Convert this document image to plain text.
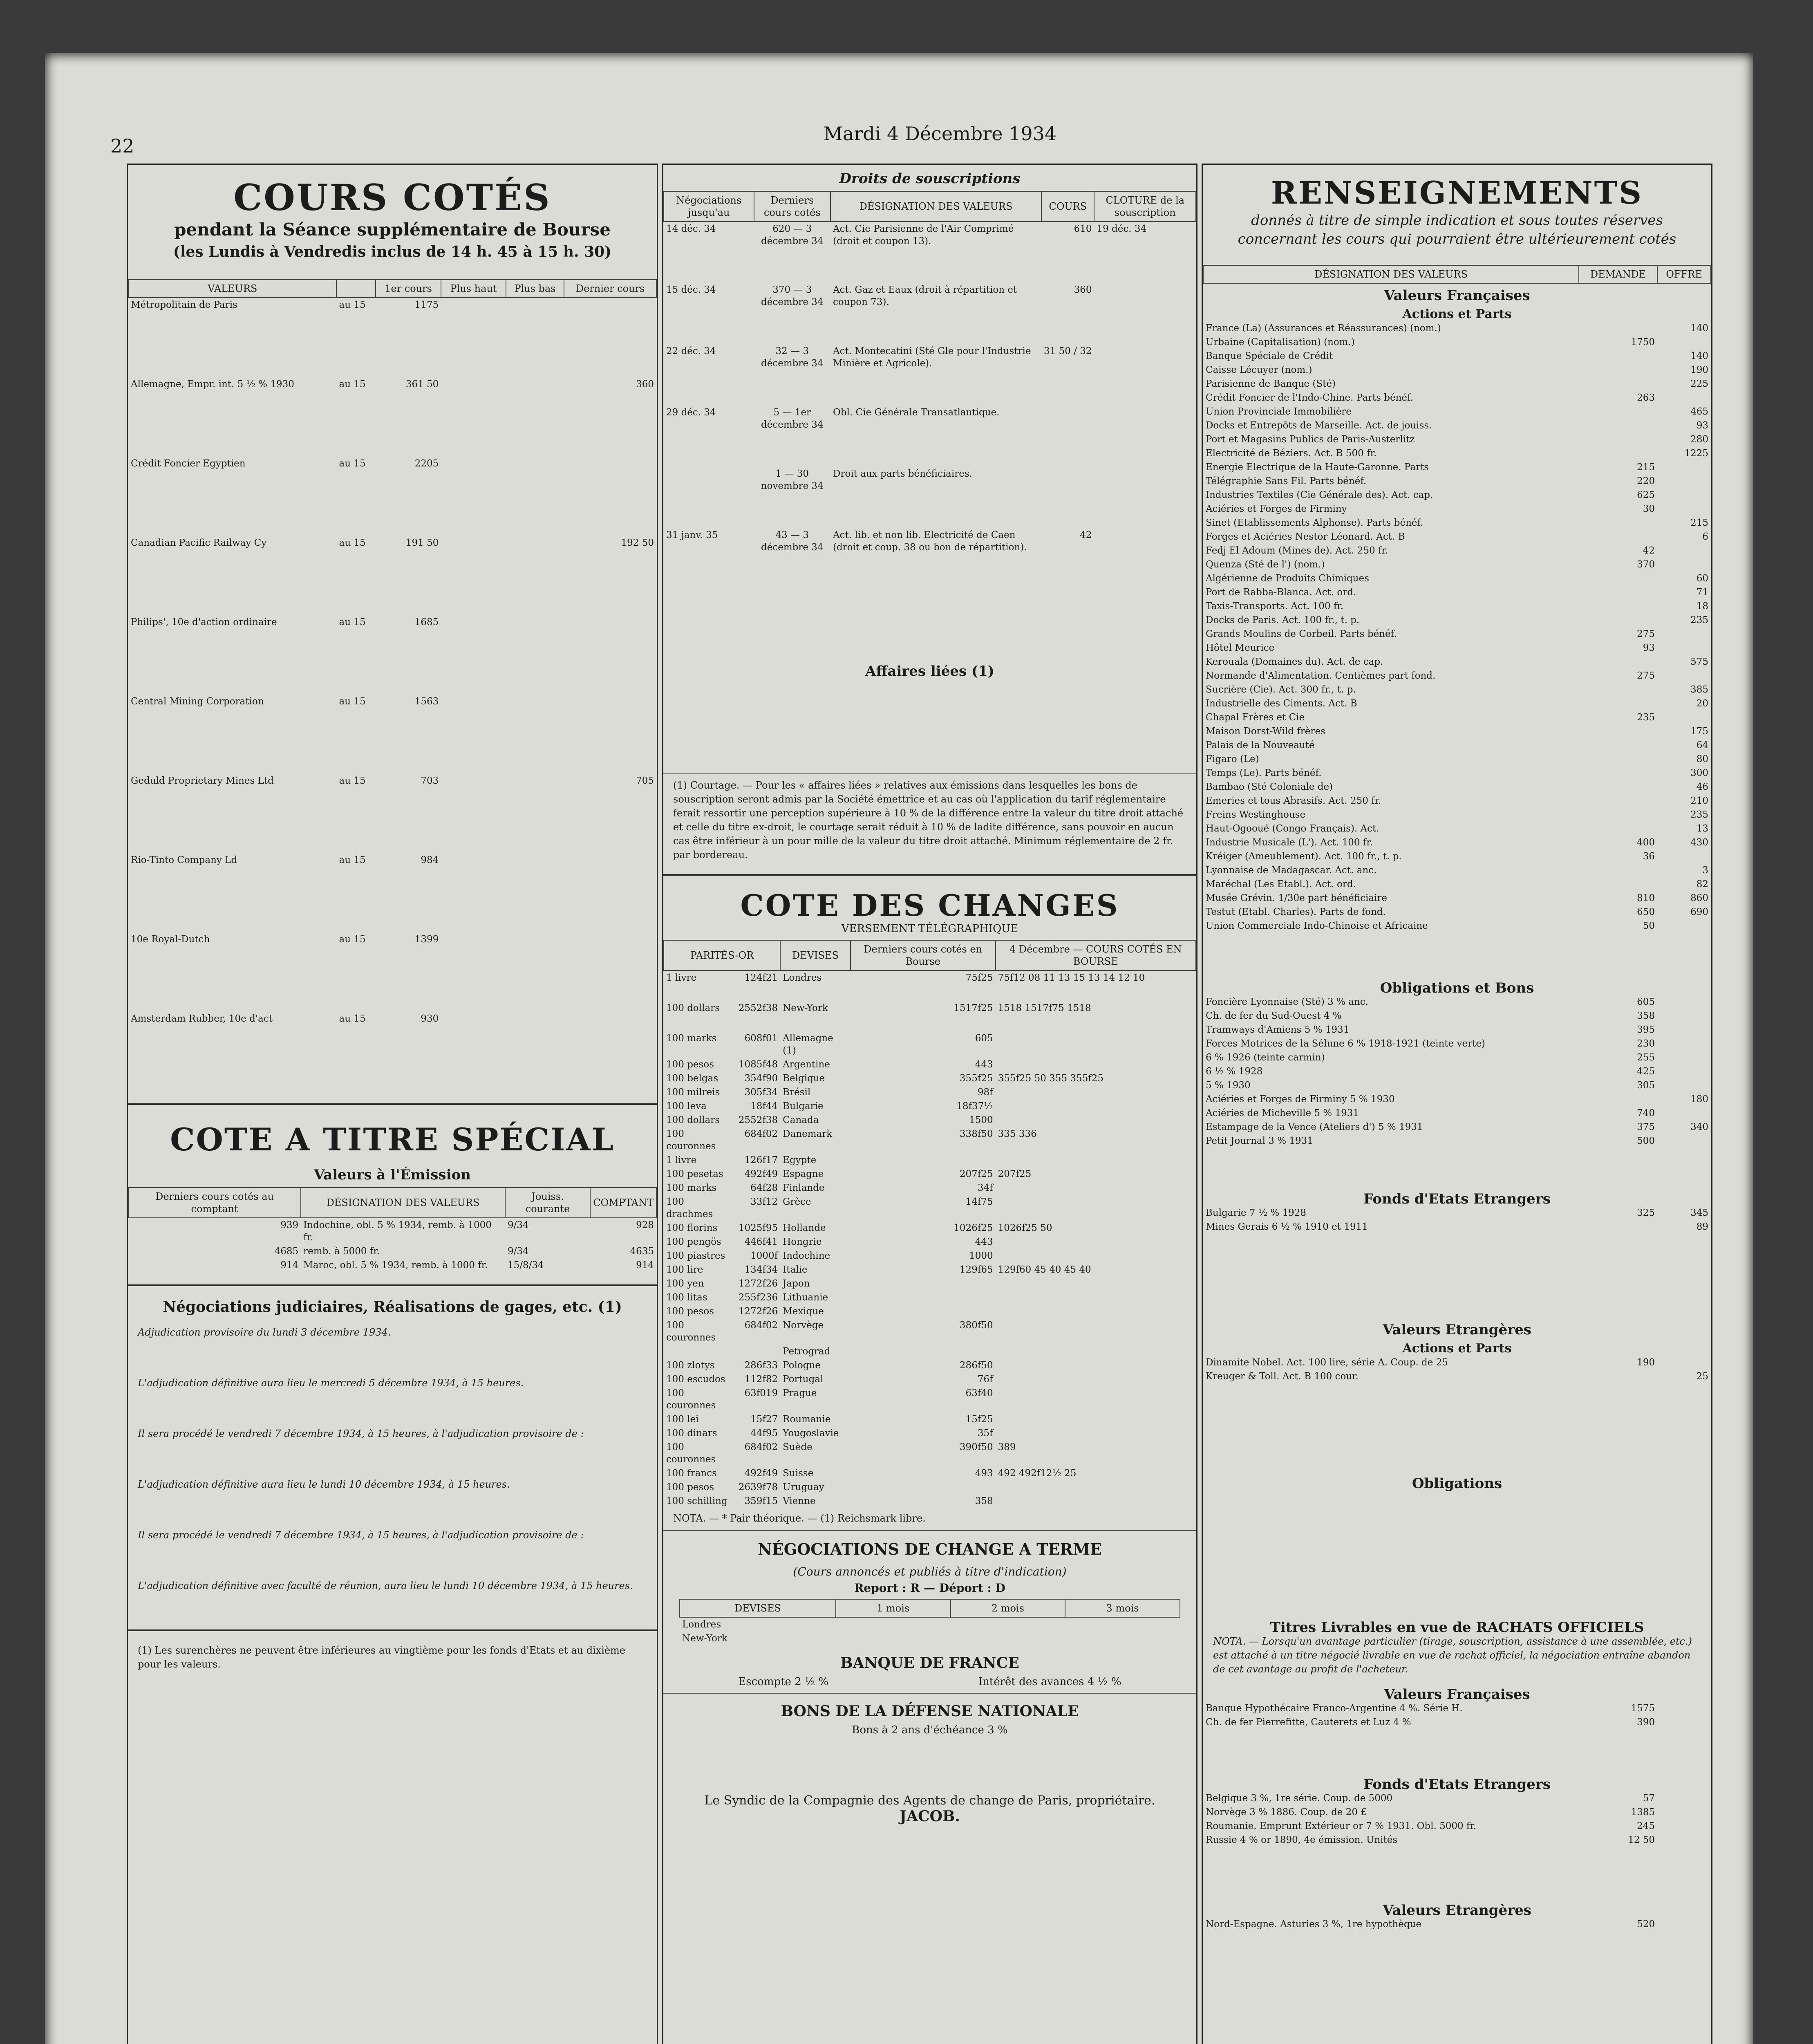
22
Mardi 4 Décembre 1934
COURS COTÉS
pendant la Séance supplémentaire de Bourse
(les Lundis à Vendredis inclus de 14 h. 45 à 15 h. 30)
VALEURS		1er cours	Plus haut	Plus bas	Dernier cours
Métropolitain de Paris	au 15	1175			

Allemagne, Empr. int. 5 ½ % 1930	au 15	361 50			360

Crédit Foncier Egyptien	au 15	2205			

Canadian Pacific Railway Cy	au 15	191 50			192 50

Philips', 10e d'action ordinaire	au 15	1685			

Central Mining Corporation	au 15	1563			

Geduld Proprietary Mines Ltd	au 15	703			705

Rio-Tinto Company Ld	au 15	984			

10e Royal-Dutch	au 15	1399			

Amsterdam Rubber, 10e d'act	au 15	930			

COTE A TITRE SPÉCIAL
Valeurs à l'Émission
Derniers cours cotés au comptant	DÉSIGNATION DES VALEURS	Jouiss. courante	COMPTANT
939	Indochine, obl. 5 % 1934, remb. à 1000 fr.	9/34	928
4685	remb. à 5000 fr.	9/34	4635
914	Maroc, obl. 5 % 1934, remb. à 1000 fr.	15/8/34	914
Négociations judiciaires, Réalisations de gages, etc. (1)
Adjudication provisoire du lundi 3 décembre 1934.
L'adjudication définitive aura lieu le mercredi 5 décembre 1934, à 15 heures.
Il sera procédé le vendredi 7 décembre 1934, à 15 heures, à l'adjudication provisoire de :
L'adjudication définitive aura lieu le lundi 10 décembre 1934, à 15 heures.
Il sera procédé le vendredi 7 décembre 1934, à 15 heures, à l'adjudication provisoire de :
L'adjudication définitive avec faculté de réunion, aura lieu le lundi 10 décembre 1934, à 15 heures.
(1) Les surenchères ne peuvent être inférieures au vingtième pour les fonds d'Etats et au dixième pour les valeurs.
Droits de souscriptions
Négociations jusqu'au	Derniers cours cotés	DÉSIGNATION DES VALEURS	COURS	CLOTURE de la souscription
14 déc. 34	620 — 3 décembre 34	Act. Cie Parisienne de l'Air Comprimé (droit et coupon 13).	610	19 déc. 34
15 déc. 34	370 — 3 décembre 34	Act. Gaz et Eaux (droit à répartition et coupon 73).	360	
22 déc. 34	32 — 3 décembre 34	Act. Montecatini (Sté Gle pour l'Industrie Minière et Agricole).	31 50 / 32	
29 déc. 34	5 — 1er décembre 34	Obl. Cie Générale Transatlantique.		
	1 — 30 novembre 34	Droit aux parts bénéficiaires.		
31 janv. 35	43 — 3 décembre 34	Act. lib. et non lib. Electricité de Caen (droit et coup. 38 ou bon de répartition).	42	
Affaires liées (1)
(1) Courtage. — Pour les « affaires liées » relatives aux émissions dans lesquelles les bons de souscription seront admis par la Société émettrice et au cas où l'application du tarif réglementaire ferait ressortir une perception supérieure à 10 % de la différence entre la valeur du titre droit attaché et celle du titre ex-droit, le courtage serait réduit à 10 % de ladite différence, sans pouvoir en aucun cas être inférieur à un pour mille de la valeur du titre droit attaché. Minimum réglementaire de 2 fr. par bordereau.
COTE DES CHANGES
VERSEMENT TÉLÉGRAPHIQUE
PARITÉS-OR		DEVISES	Derniers cours cotés en Bourse	4 Décembre — COURS COTÉS EN BOURSE
1 livre	124f21	Londres	75f25	75f12 08 11 13 15 13 14 12 10

100 dollars	2552f38	New-York	1517f25	1518 1517f75 1518

100 marks	608f01	Allemagne (1)	605	
100 pesos	1085f48	Argentine	443	
100 belgas	354f90	Belgique	355f25	355f25 50 355 355f25
100 milreis	305f34	Brésil	98f	
100 leva	18f44	Bulgarie	18f37½	
100 dollars	2552f38	Canada	1500	
100 couronnes	684f02	Danemark	338f50	335 336
1 livre	126f17	Egypte		
100 pesetas	492f49	Espagne	207f25	207f25
100 marks	64f28	Finlande	34f	
100 drachmes	33f12	Grèce	14f75	
100 florins	1025f95	Hollande	1026f25	1026f25 50
100 pengös	446f41	Hongrie	443	
100 piastres	1000f	Indochine	1000	
100 lire	134f34	Italie	129f65	129f60 45 40 45 40
100 yen	1272f26	Japon		
100 litas	255f236	Lithuanie		
100 pesos	1272f26	Mexique		
100 couronnes	684f02	Norvège	380f50	
		Petrograd		
100 zlotys	286f33	Pologne	286f50	
100 escudos	112f82	Portugal	76f	
100 couronnes	63f019	Prague	63f40	
100 lei	15f27	Roumanie	15f25	
100 dinars	44f95	Yougoslavie	35f	
100 couronnes	684f02	Suède	390f50	389
100 francs	492f49	Suisse	493	492 492f12½ 25
100 pesos	2639f78	Uruguay		
100 schilling	359f15	Vienne	358	
NOTA. — * Pair théorique. — (1) Reichsmark libre.
NÉGOCIATIONS DE CHANGE A TERME
(Cours annoncés et publiés à titre d'indication)
Report : R — Déport : D
DEVISES	1 mois	2 mois	3 mois
Londres			
New-York			
BANQUE DE FRANCE
Escompte 2 ½ %	Intérêt des avances 4 ½ %
BONS DE LA DÉFENSE NATIONALE
Bons à 2 ans d'échéance 3 %
Le Syndic de la Compagnie des Agents de change de Paris, propriétaire.
JACOB.
RENSEIGNEMENTS
donnés à titre de simple indication et sous toutes réserves concernant les cours qui pourraient être ultérieurement cotés
DÉSIGNATION DES VALEURS	DEMANDE	OFFRE
Valeurs Françaises		
Actions et Parts		
France (La) (Assurances et Réassurances) (nom.)		140
Urbaine (Capitalisation) (nom.)	1750	
Banque Spéciale de Crédit		140
Caisse Lécuyer (nom.)		190
Parisienne de Banque (Sté)		225
Crédit Foncier de l'Indo-Chine. Parts bénéf.	263	
Union Provinciale Immobilière		465
Docks et Entrepôts de Marseille. Act. de jouiss.		93
Port et Magasins Publics de Paris-Austerlitz		280
Electricité de Béziers. Act. B 500 fr.		1225
Energie Electrique de la Haute-Garonne. Parts	215	
Télégraphie Sans Fil. Parts bénéf.	220	
Industries Textiles (Cie Générale des). Act. cap.	625	
Aciéries et Forges de Firminy	30	
Sinet (Etablissements Alphonse). Parts bénéf.		215
Forges et Aciéries Nestor Léonard. Act. B		6
Fedj El Adoum (Mines de). Act. 250 fr.	42	
Quenza (Sté de l') (nom.)	370	
Algérienne de Produits Chimiques		60
Port de Rabba-Blanca. Act. ord.		71
Taxis-Transports. Act. 100 fr.		18
Docks de Paris. Act. 100 fr., t. p.		235
Grands Moulins de Corbeil. Parts bénéf.	275	
Hôtel Meurice	93	
Kerouala (Domaines du). Act. de cap.		575
Normande d'Alimentation. Centièmes part fond.	275	
Sucrière (Cie). Act. 300 fr., t. p.		385
Industrielle des Ciments. Act. B		20
Chapal Frères et Cie	235	
Maison Dorst-Wild frères		175
Palais de la Nouveauté		64
Figaro (Le)		80
Temps (Le). Parts bénéf.		300
Bambao (Sté Coloniale de)		46
Emeries et tous Abrasifs. Act. 250 fr.		210
Freins Westinghouse		235
Haut-Ogooué (Congo Français). Act.		13
Industrie Musicale (L'). Act. 100 fr.	400	430
Kréiger (Ameublement). Act. 100 fr., t. p.	36	
Lyonnaise de Madagascar. Act. anc.		3
Maréchal (Les Etabl.). Act. ord.		82
Musée Grévin. 1/30e part bénéficiaire	810	860
Testut (Etabl. Charles). Parts de fond.	650	690
Union Commerciale Indo-Chinoise et Africaine	50	
Obligations et Bons		
Foncière Lyonnaise (Sté) 3 % anc.	605	
Ch. de fer du Sud-Ouest 4 %	358	
Tramways d'Amiens 5 % 1931	395	
Forces Motrices de la Sélune 6 % 1918-1921 (teinte verte)	230	
6 % 1926 (teinte carmin)	255	
6 ½ % 1928	425	
5 % 1930	305	
Aciéries et Forges de Firminy 5 % 1930		180
Aciéries de Micheville 5 % 1931	740	
Estampage de la Vence (Ateliers d') 5 % 1931	375	340
Petit Journal 3 % 1931	500	
Fonds d'Etats Etrangers		
Bulgarie 7 ½ % 1928	325	345
Mines Gerais 6 ½ % 1910 et 1911		89
Valeurs Etrangères		
Actions et Parts		
Dinamite Nobel. Act. 100 lire, série A. Coup. de 25	190	
Kreuger & Toll. Act. B 100 cour.		25
Obligations		
Titres Livrables en vue de RACHATS OFFICIELS		
NOTA. — Lorsqu'un avantage particulier (tirage, souscription, assistance à une assemblée, etc.) est attaché à un titre négocié livrable en vue de rachat officiel, la négociation entraîne abandon de cet avantage au profit de l'acheteur.		
Valeurs Françaises		
Banque Hypothécaire Franco-Argentine 4 %. Série H.	1575	
Ch. de fer Pierrefitte, Cauterets et Luz 4 %	390	
Fonds d'Etats Etrangers		
Belgique 3 %, 1re série. Coup. de 5000	57	
Norvège 3 % 1886. Coup. de 20 £	1385	
Roumanie. Emprunt Extérieur or 7 % 1931. Obl. 5000 fr.	245	
Russie 4 % or 1890, 4e émission. Unités	12 50	
Valeurs Etrangères		
Nord-Espagne. Asturies 3 %, 1re hypothèque	520	
